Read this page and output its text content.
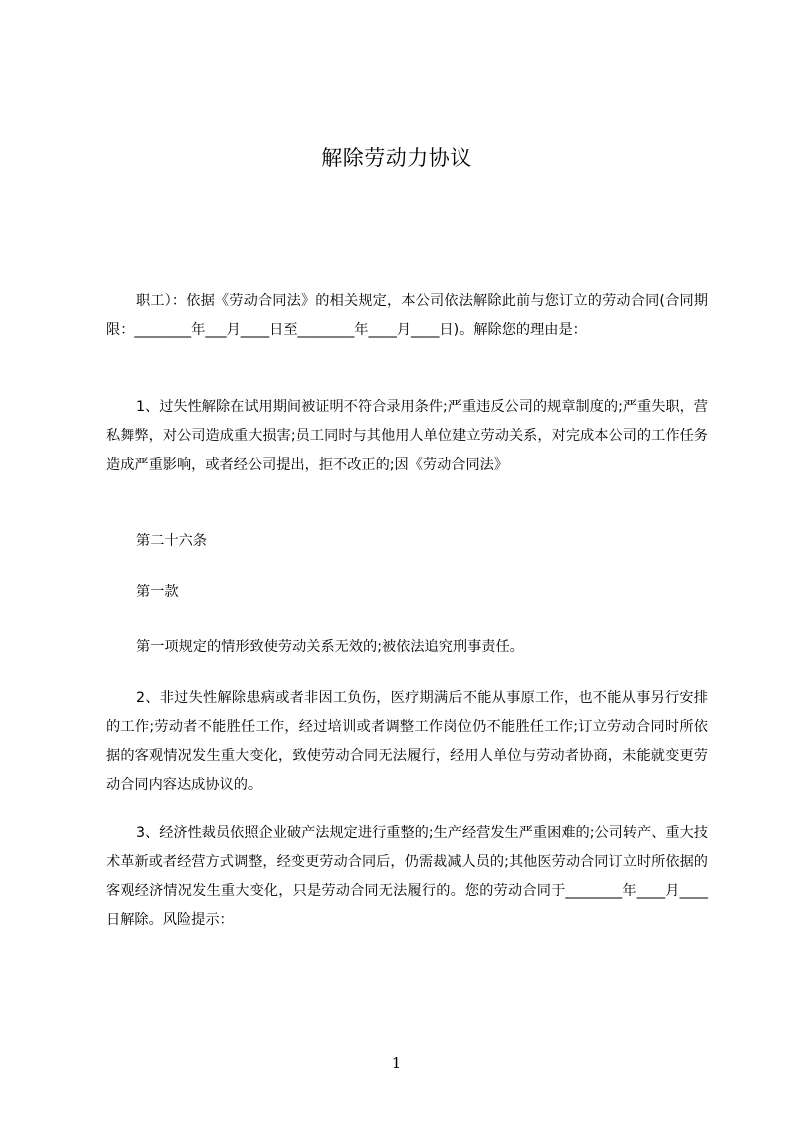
解除劳动力协议

职工）：依据《劳动合同法》的相关规定，本公司依法解除此前与您订立的劳动合同(合同期限：________年___月____日至________年____月____日)。解除您的理由是：

1、过失性解除在试用期间被证明不符合录用条件;严重违反公司的规章制度的;严重失职，营私舞弊，对公司造成重大损害;员工同时与其他用人单位建立劳动关系，对完成本公司的工作任务造成严重影响，或者经公司提出，拒不改正的;因《劳动合同法》

第二十六条
第一款
第一项规定的情形致使劳动关系无效的;被依法追究刑事责任。

2、非过失性解除患病或者非因工负伤，医疗期满后不能从事原工作，也不能从事另行安排的工作;劳动者不能胜任工作，经过培训或者调整工作岗位仍不能胜任工作;订立劳动合同时所依据的客观情况发生重大变化，致使劳动合同无法履行，经用人单位与劳动者协商，未能就变更劳动合同内容达成协议的。

3、经济性裁员依照企业破产法规定进行重整的;生产经营发生严重困难的;公司转产、重大技术革新或者经营方式调整，经变更劳动合同后，仍需裁减人员的;其他医劳动合同订立时所依据的客观经济情况发生重大变化，只是劳动合同无法履行的。您的劳动合同于________年____月____日解除。风险提示：

1
